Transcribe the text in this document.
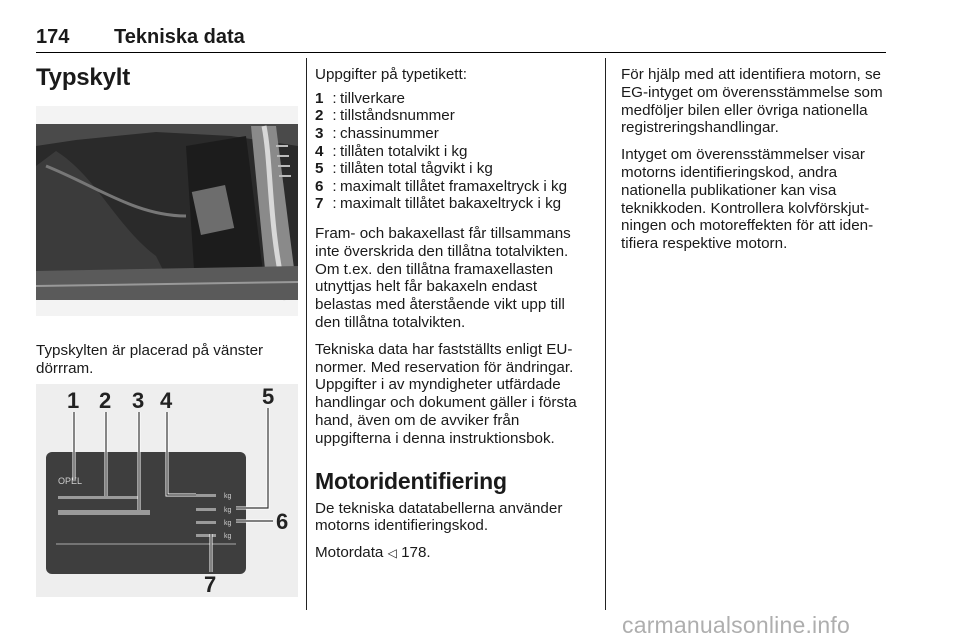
174 Tekniska data
Typskylt

Typskylten är placerad på vänster dörrram.

OPEL
kg
kg
kg
kg
1 2 3 4	5
6
7

Uppgifter på typetikett:

1 : tillverkare
2 : tillståndsnummer
3 : chassinummer
4 : tillåten totalvikt i kg
5 : tillåten total tågvikt i kg
6 : maximalt tillåtet framaxeltryck i kg
7 : maximalt tillåtet bakaxeltryck i kg

Fram- och bakaxellast får tillsammans inte överskrida den tillåtna totalvikten. Om t.ex. den tillåtna framaxellasten utnyttjas helt får bakaxeln endast belastas med återstående vikt upp till den tillåtna totalvikten.

Tekniska data har fastställts enligt EU-normer. Med reservation för ändringar. Uppgifter i av myndigheter utfärdade handlingar och dokument gäller i första hand, även om de avviker från uppgifterna i denna instruktionsbok.

Motoridentifiering

De tekniska datatabellerna använder motorns identifieringskod.

Motordata ◁ 178.

För hjälp med att identifiera motorn, se EG-intyget om överensstämmelse som medföljer bilen eller övriga nationella registreringshandlingar.

Intyget om överensstämmelser visar motorns identifieringskod, andra nationella publikationer kan visa teknikkoden. Kontrollera kolvförskjutningen och motoreffekten för att identifiera respektive motorn.

carmanualsonline.info
